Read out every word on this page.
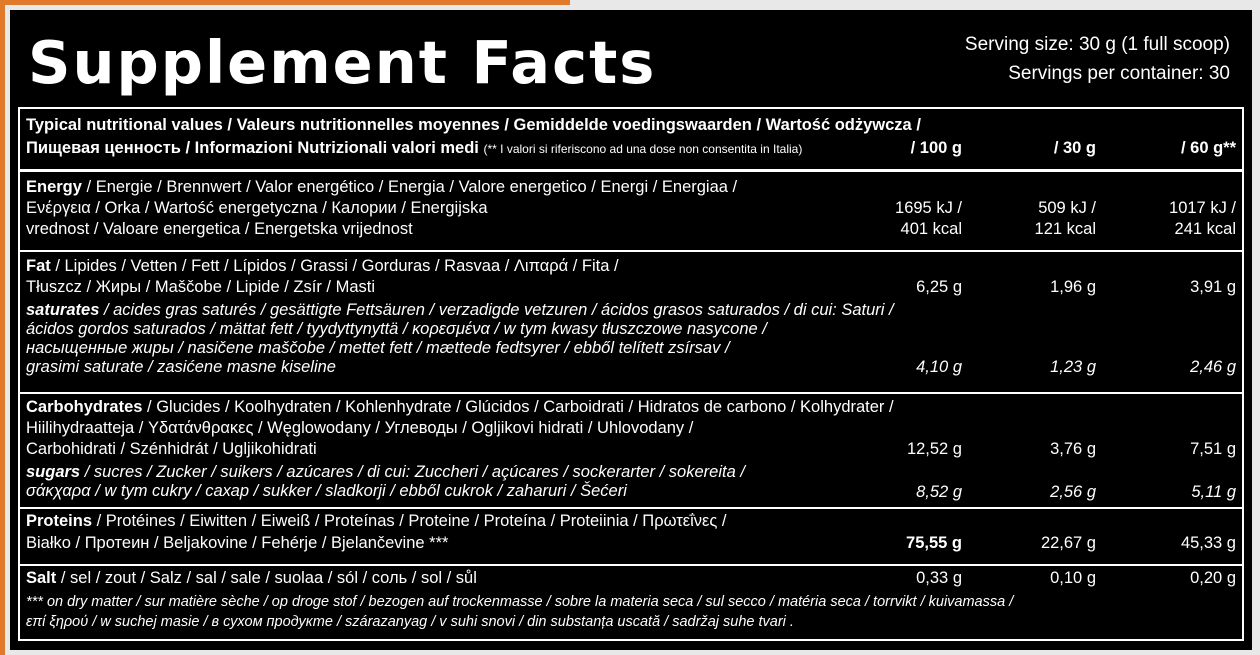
Supplement Facts	Serving size: 30 g (1 full scoop)
Servings per container: 30
Typical nutritional values / Valeurs nutritionnelles moyennes / Gemiddelde voedingswaarden / Wartość odżywcza /
Пищевая ценность / Informazioni Nutrizionali valori medi (** I valori si riferiscono ad una dose non consentita in Italia)	/ 100 g	/ 30 g	/ 60 g**
Energy / Energie / Brennwert / Valor energético / Energia / Valore energetico / Energi / Energiaa /
Ενέργεια / Orka / Wartość energetyczna / Калории / Energijska
vrednost / Valoare energetica / Energetska vrijednost
1695 kJ /	509 kJ /	1017 kJ /
401 kcal	121 kcal	241 kcal
Fat / Lipides / Vetten / Fett / Lípidos / Grassi / Gorduras / Rasvaa / Λιπαρά / Fita /
Tłuszcz / Жиры / Maščobe / Lipide / Zsír / Masti	6,25 g	1,96 g	3,91 g
saturates / acides gras saturés / gesättigte Fettsäuren / verzadigde vetzuren / ácidos grasos saturados / di cui: Saturi /
ácidos gordos saturados / mättat fett / tyydyttynyttä / κορεσμένα / w tym kwasy tłuszczowe nasycone /
насыщенные жиры / nasičene maščobe / mettet fett / mættede fedtsyrer / ebből telített zsírsav /
grasimi saturate / zasićene masne kiseline	4,10 g	1,23 g	2,46 g
Carbohydrates / Glucides / Koolhydraten / Kohlenhydrate / Glúcidos / Carboidrati / Hidratos de carbono / Kolhydrater /
Hiilihydraatteja / Υδατάνθρακες / Węglowodany / Углеводы / Ogljikovi hidrati / Uhlovodany /
Carbohidrati / Szénhidrát / Ugljikohidrati	12,52 g	3,76 g	7,51 g
sugars / sucres / Zucker / suikers / azúcares / di cui: Zuccheri / açúcares / sockerarter / sokereita /
σάκχαρα / w tym cukry / сахар / sukker / sladkorji / ebből cukrok / zaharuri / Šećeri	8,52 g	2,56 g	5,11 g
Proteins / Protéines / Eiwitten / Eiweiß / Proteínas / Proteine / Proteína / Proteiinia / Πρωτεΐνες /
Białko / Протеин / Beljakovine / Fehérje / Bjelančevine ***	75,55 g	22,67 g	45,33 g
Salt / sel / zout / Salz / sal / sale / suolaa / sól / соль / sol / sůl	0,33 g	0,10 g	0,20 g
*** on dry matter / sur matière sèche / op droge stof / bezogen auf trockenmasse / sobre la materia seca / sul secco / matéria seca / torrvikt / kuivamassa /
επί ξηρού / w suchej masie / в сухом продукте / szárazanyag / v suhi snovi / din substanța uscată / sadržaj suhe tvari .
